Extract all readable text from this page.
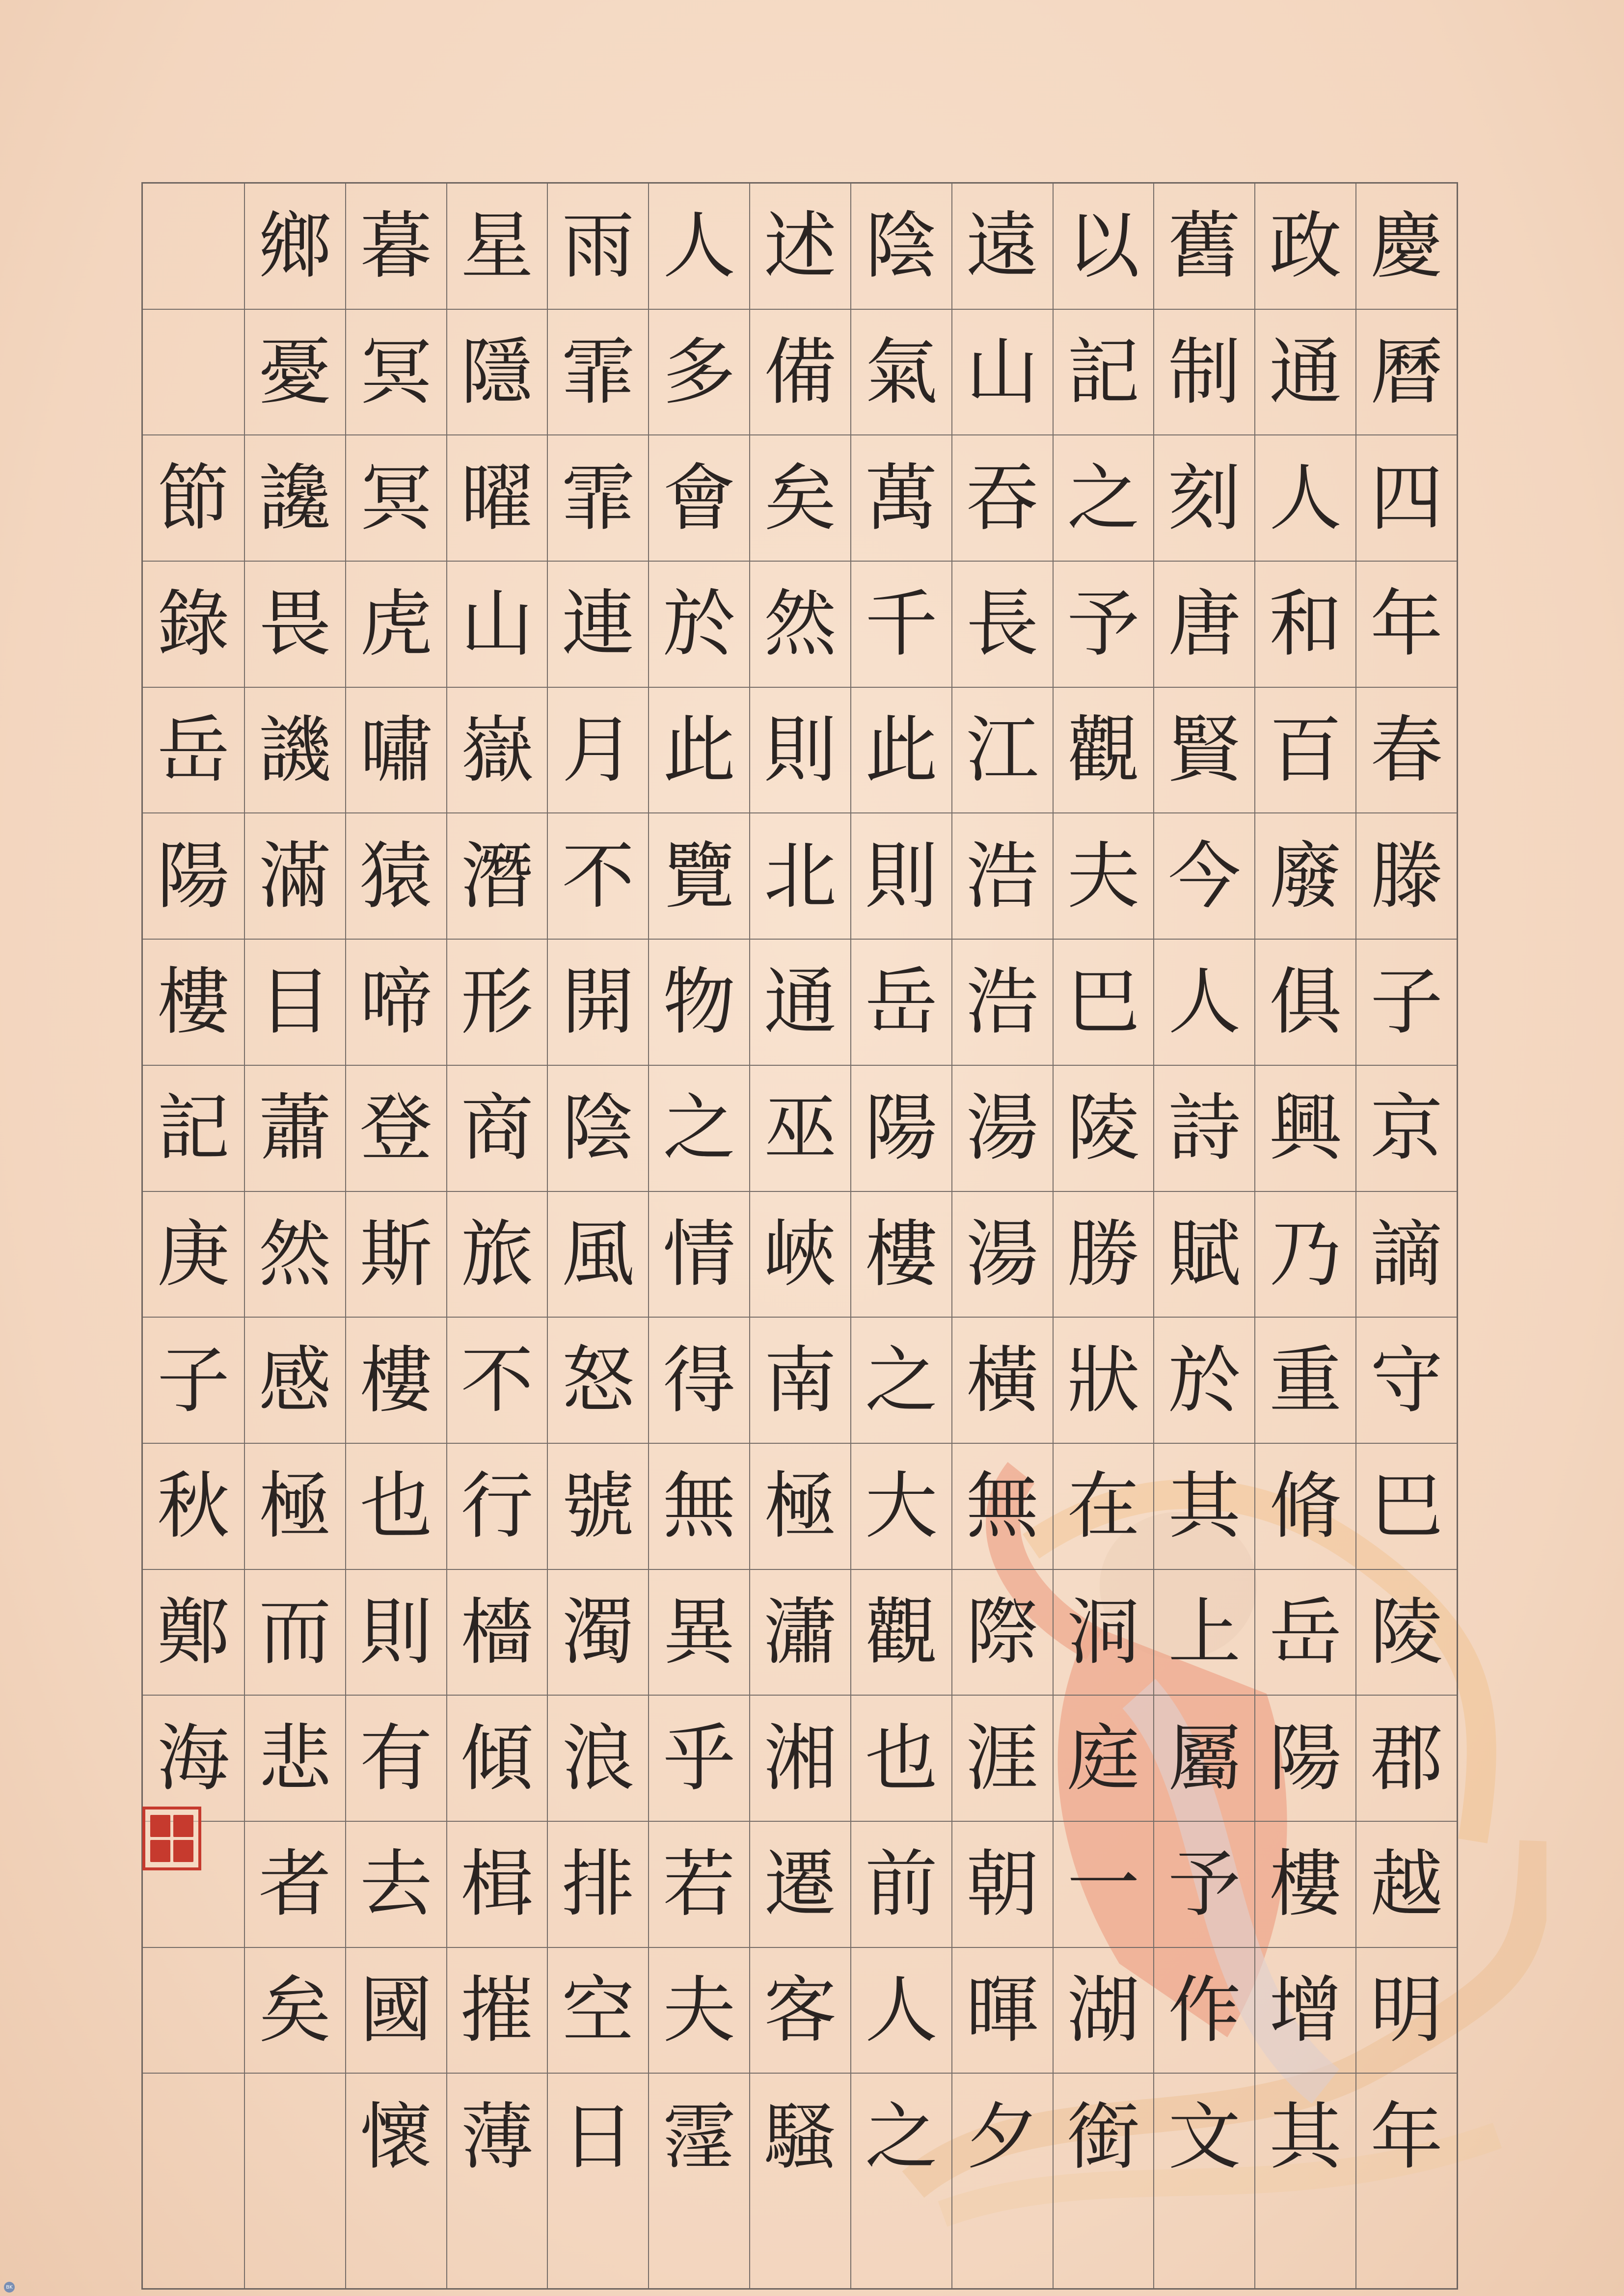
慶
曆
四
年
春
滕
子
京
謫
守
巴
陵
郡
越
明
年
政
通
人
和
百
廢
俱
興
乃
重
脩
岳
陽
樓
增
其
舊
制
刻
唐
賢
今
人
詩
賦
於
其
上
屬
予
作
文
以
記
之
予
觀
夫
巴
陵
勝
狀
在
洞
庭
一
湖
銜
遠
山
吞
長
江
浩
浩
湯
湯
橫
無
際
涯
朝
暉
夕
陰
氣
萬
千
此
則
岳
陽
樓
之
大
觀
也
前
人
之
述
備
矣
然
則
北
通
巫
峽
南
極
瀟
湘
遷
客
騷
人
多
會
於
此
覽
物
之
情
得
無
異
乎
若
夫
霪
雨
霏
霏
連
月
不
開
陰
風
怒
號
濁
浪
排
空
日
星
隱
曜
山
嶽
潛
形
商
旅
不
行
檣
傾
楫
摧
薄
暮
冥
冥
虎
嘯
猿
啼
登
斯
樓
也
則
有
去
國
懷
鄉
憂
讒
畏
譏
滿
目
蕭
然
感
極
而
悲
者
矣
節
錄
岳
陽
樓
記
庚
子
秋
鄭
海
BK
